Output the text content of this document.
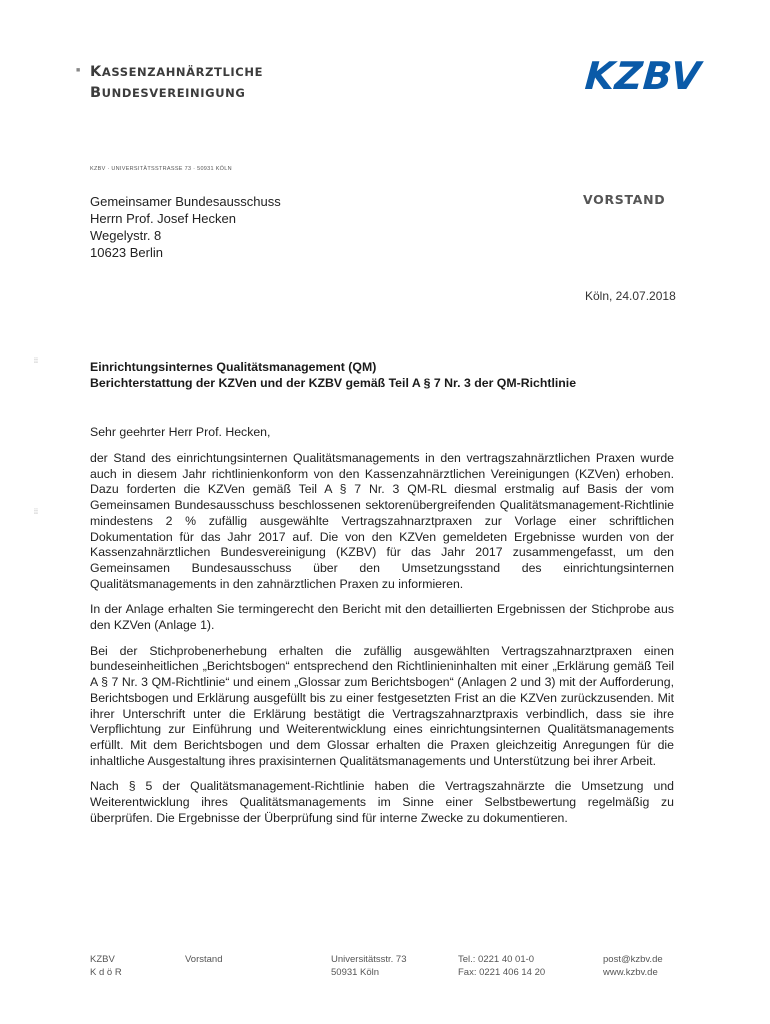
■ KASSENZAHNÄRZTLICHE
BUNDESVEREINIGUNG	KZBV
KZBV · UNIVERSITÄTSSTRASSE 73 · 50931 KÖLN
Gemeinsamer Bundesausschuss
Herrn Prof. Josef Hecken
Wegelystr. 8
10623 Berlin
VORSTAND
Köln, 24.07.2018
⁞⁞
⁞⁞
Einrichtungsinternes Qualitätsmanagement (QM)
Berichterstattung der KZVen und der KZBV gemäß Teil A § 7 Nr. 3 der QM-Richtlinie
Sehr geehrter Herr Prof. Hecken,

der Stand des einrichtungsinternen Qualitätsmanagements in den vertragszahnärztlichen Praxen wurde auch in diesem Jahr richtlinienkonform von den Kassenzahnärztlichen Vereinigungen (KZVen) erhoben. Dazu forderten die KZVen gemäß Teil A § 7 Nr. 3 QM-RL diesmal erstmalig auf Basis der vom Gemeinsamen Bundesausschuss beschlossenen sektorenübergreifenden Qualitätsmanagement-Richtlinie mindestens 2 % zufällig ausgewählte Vertragszahnarztpraxen zur Vorlage einer schriftlichen Dokumentation für das Jahr 2017 auf. Die von den KZVen gemeldeten Ergebnisse wurden von der Kassenzahnärztlichen Bundesvereinigung (KZBV) für das Jahr 2017 zusammengefasst, um den Gemeinsamen Bundesausschuss über den Umsetzungsstand des einrichtungsinternen Qualitätsmanagements in den zahnärztlichen Praxen zu informieren.

In der Anlage erhalten Sie termingerecht den Bericht mit den detaillierten Ergebnissen der Stichprobe aus den KZVen (Anlage 1).

Bei der Stichprobenerhebung erhalten die zufällig ausgewählten Vertragszahnarztpraxen einen bundeseinheitlichen „Berichtsbogen“ entsprechend den Richtlinieninhalten mit einer „Erklärung gemäß Teil A § 7 Nr. 3 QM-Richtlinie“ und einem „Glossar zum Berichtsbogen“ (Anlagen 2 und 3) mit der Aufforderung, Berichtsbogen und Erklärung ausgefüllt bis zu einer festgesetzten Frist an die KZVen zurückzusenden. Mit ihrer Unterschrift unter die Erklärung bestätigt die Vertragszahnarztpraxis verbindlich, dass sie ihre Verpflichtung zur Einführung und Weiterentwicklung eines einrichtungsinternen Qualitätsmanagements erfüllt. Mit dem Berichtsbogen und dem Glossar erhalten die Praxen gleichzeitig Anregungen für die inhaltliche Ausgestaltung ihres praxisinternen Qualitätsmanagements und Unterstützung bei ihrer Arbeit.

Nach § 5 der Qualitätsmanagement-Richtlinie haben die Vertragszahnärzte die Umsetzung und Weiterentwicklung ihres Qualitätsmanagements im Sinne einer Selbstbewertung regelmäßig zu überprüfen. Die Ergebnisse der Überprüfung sind für interne Zwecke zu dokumentieren.

KZBV
K d ö R
Vorstand	Universitätsstr. 73
50931 Köln
Tel.: 0221 40 01-0
Fax: 0221 406 14 20
post@kzbv.de
www.kzbv.de
